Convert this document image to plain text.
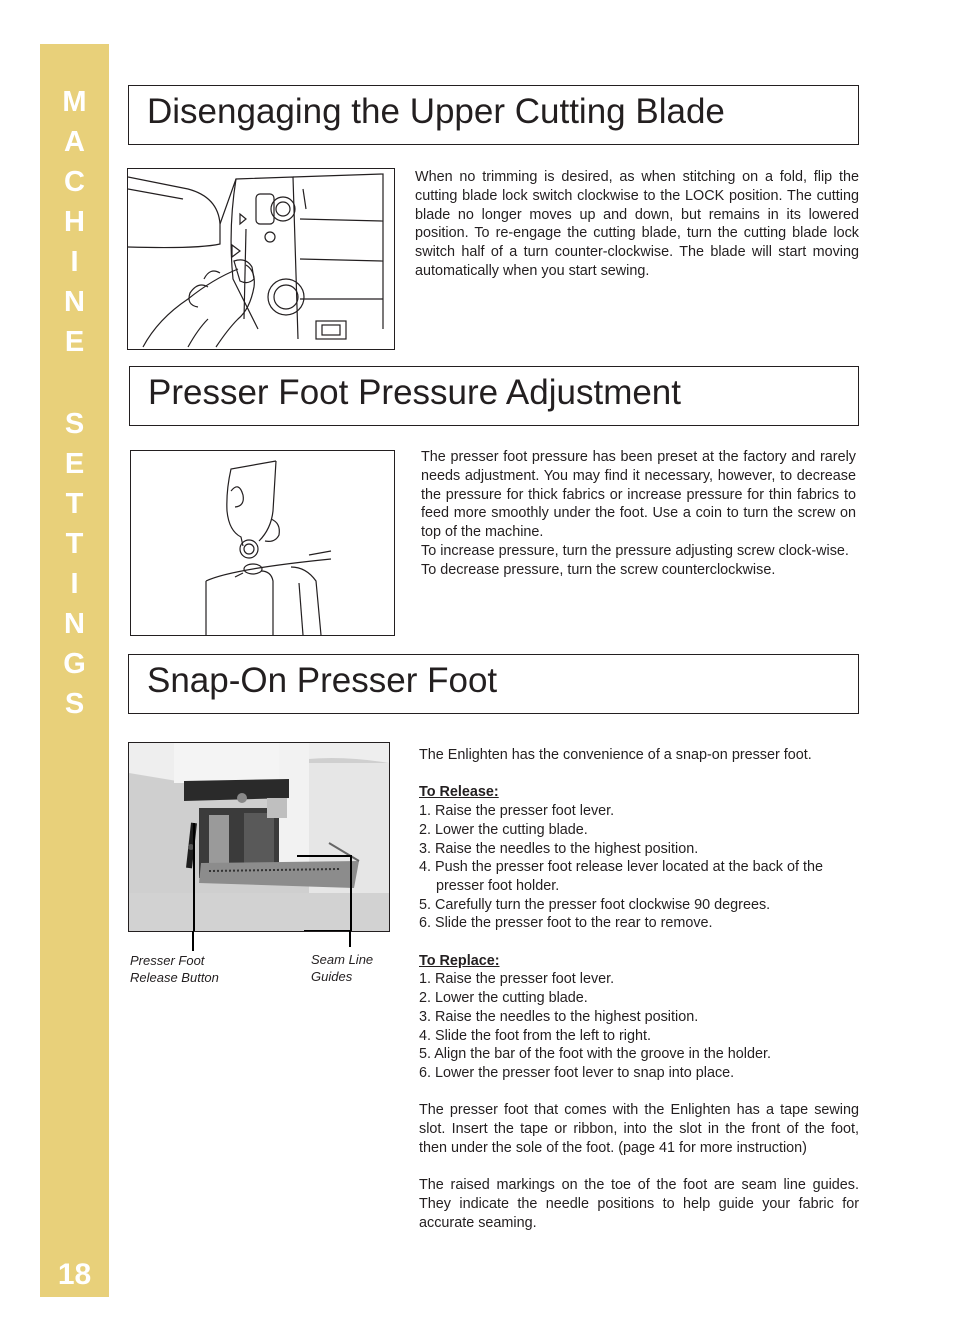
M
A
C
H
I
N
E
S
E
T
T
I
N
G
S
18
Disengaging the Upper Cutting Blade

When no trimming is desired, as when stitching on a fold, flip the cutting blade lock switch clockwise to the LOCK position. The cutting blade no longer moves up and down, but remains in its lowered position. To re-engage the cutting blade, turn the cutting blade lock switch half of a turn counter-clockwise. The blade will start moving automatically when you start sewing.

Presser Foot Pressure Adjustment

The presser foot pressure has been preset at the factory and rarely needs adjustment. You may find it necessary, however, to decrease the pressure for thick fabrics or increase pressure for thin fabrics to feed more smoothly under the foot. Use a coin to turn the screw on top of the machine.

To increase pressure, turn the pressure adjusting screw clock-wise.

To decrease pressure, turn the screw counterclockwise.

Snap-On Presser Foot
Presser Foot
Release Button
Seam Line
Guides
The Enlighten has the convenience of a snap-on presser foot.
To Release:
1. Raise the presser foot lever.
2. Lower the cutting blade.
3. Raise the needles to the highest position.
4. Push the presser foot release lever located at the back of the
presser foot holder.
5. Carefully turn the presser foot clockwise 90 degrees.
6. Slide the presser foot to the rear to remove.
To Replace:
1. Raise the presser foot lever.
2. Lower the cutting blade.
3. Raise the needles to the highest position.
4. Slide the foot from the left to right.
5. Align the bar of the foot with the groove in the holder.
6. Lower the presser foot lever to snap into place.
The presser foot that comes with the Enlighten has a tape sewing slot. Insert the tape or ribbon, into the slot in the front of the foot, then under the sole of the foot. (page 41 for more instruction)
The raised markings on the toe of the foot are seam line guides. They indicate the needle positions to help guide your fabric for accurate seaming.
